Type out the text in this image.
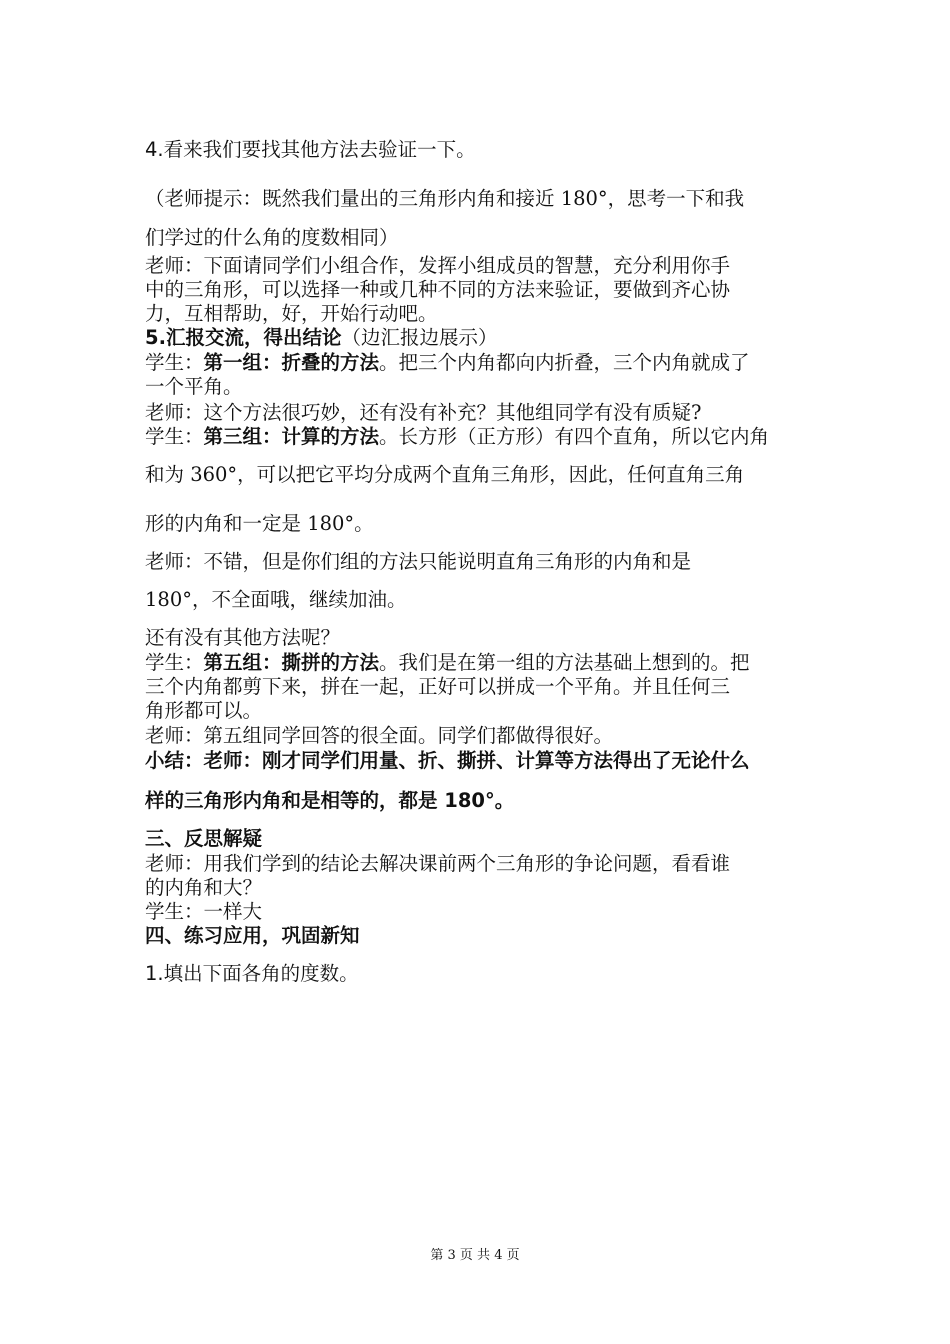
4.看来我们要找其他方法去验证一下。
（老师提示：既然我们量出的三角形内角和接近 180°，思考一下和我
们学过的什么角的度数相同）
老师：下面请同学们小组合作，发挥小组成员的智慧，充分利用你手
中的三角形，可以选择一种或几种不同的方法来验证，要做到齐心协
力，互相帮助，好，开始行动吧。
5.汇报交流，得出结论（边汇报边展示）
学生：第一组：折叠的方法。把三个内角都向内折叠，三个内角就成了
一个平角。
老师：这个方法很巧妙，还有没有补充？其他组同学有没有质疑?
学生：第三组：计算的方法。长方形（正方形）有四个直角，所以它内角
和为 360°，可以把它平均分成两个直角三角形，因此，任何直角三角
形的内角和一定是 180°。
老师：不错，但是你们组的方法只能说明直角三角形的内角和是
180°，不全面哦，继续加油。
还有没有其他方法呢？
学生：第五组：撕拼的方法。我们是在第一组的方法基础上想到的。把
三个内角都剪下来，拼在一起，正好可以拼成一个平角。并且任何三
角形都可以。
老师：第五组同学回答的很全面。同学们都做得很好。
小结：老师：刚才同学们用量、折、撕拼、计算等方法得出了无论什么
样的三角形内角和是相等的，都是 180°。
三、反思解疑
老师：用我们学到的结论去解决课前两个三角形的争论问题，看看谁
的内角和大？
学生：一样大
四、练习应用，巩固新知
1.填出下面各角的度数。
第 3 页 共 4 页
